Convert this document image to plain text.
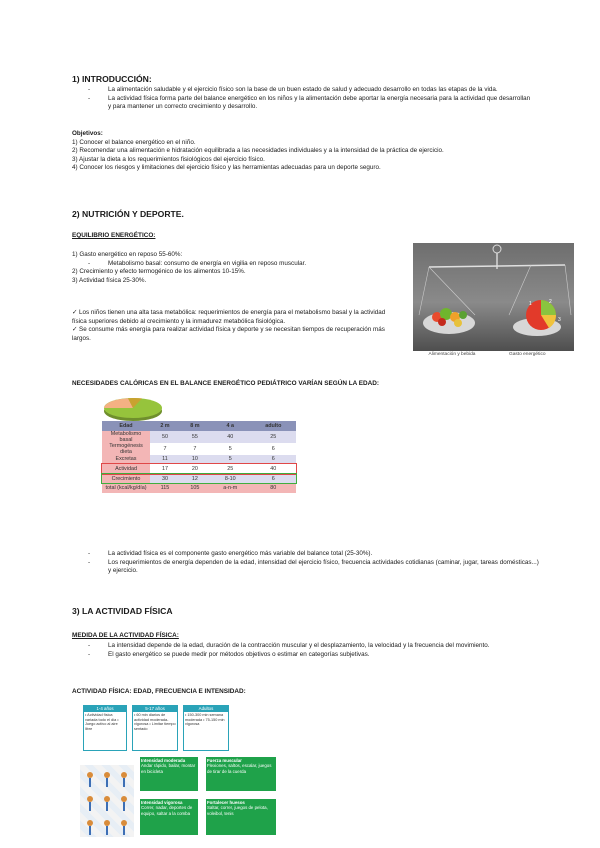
1) INTRODUCCIÓN:
-	La alimentación saludable y el ejercicio físico son la base de un buen estado de salud y adecuado desarrollo en todas las etapas de la vida.
-	La actividad física forma parte del balance energético en los niños y la alimentación debe aportar la energía necesaria para la actividad que desarrollan y para mantener un correcto crecimiento y desarrollo.
Objetivos:
1) Conocer el balance energético en el niño.
2) Recomendar una alimentación e hidratación equilibrada a las necesidades individuales y a la intensidad de la práctica de ejercicio.
3) Ajustar la dieta a los requerimientos fisiológicos del ejercicio físico.
4) Conocer los riesgos y limitaciones del ejercicio físico y las herramientas adecuadas para un deporte seguro.
2) NUTRICIÓN Y DEPORTE.
EQUILIBRIO ENERGÉTICO:
1) Gasto energético en reposo 55-60%:
-	Metabolismo basal: consumo de energía en vigilia en reposo muscular.
2) Crecimiento y efecto termogénico de los alimentos 10-15%.
3) Actividad física 25-30%.
✓ Los niños tienen una alta tasa metabólica: requerimientos de energía para el metabolismo basal y la actividad física superiores debido al crecimiento y la inmadurez metabólica fisiológica.
✓ Se consume más energía para realizar actividad física y deporte y se necesitan tiempos de recuperación más largos.
1	2
3
Alimentación y bebida	Gasto energético
NECESIDADES CALÓRICAS EN EL BALANCE ENERGÉTICO PEDIÁTRICO VARÍAN SEGÚN LA EDAD:
Edad	2 m	8 m	4 a	adulto
Metabolismo basal	50	55	40	25
Termogénesis dieta	7	7	5	6
Excretas	11	10	5	6
Actividad	17	20	25	40
Crecimiento	30	12	8-10	6
total (kcal/kg/día)	115	105	a-n-m	80
-	La actividad física es el componente gasto energético más variable del balance total (25-30%).
-	Los requerimientos de energía dependen de la edad, intensidad del ejercicio físico, frecuencia actividades cotidianas (caminar, jugar, tareas domésticas...) y ejercicio.
3) LA ACTIVIDAD FÍSICA
MEDIDA DE LA ACTIVIDAD FÍSICA:
-	La intensidad depende de la edad, duración de la contracción muscular y el desplazamiento, la velocidad y la frecuencia del movimiento.
-	El gasto energético se puede medir por métodos objetivos o estimar en categorías subjetivas.
ACTIVIDAD FÍSICA: EDAD, FRECUENCIA E INTENSIDAD:
1-4 años
• Actividad física variada todo el día • Juego activo al aire libre
5-17 años
• 60 min diarios de actividad moderada-vigorosa • Limitar tiempo sentado
Adultos
• 150-300 min semana moderada • 75-150 min vigorosa
Intensidad moderada
Andar rápido, bailar, montar en bicicleta
Fuerza muscular
Flexiones, saltos, escalar, juegos de tirar de la cuerda
Intensidad vigorosa
Correr, nadar, deportes de equipo, saltar a la comba
Fortalecer huesos
Saltar, correr, juegos de pelota, voleibol, tenis
